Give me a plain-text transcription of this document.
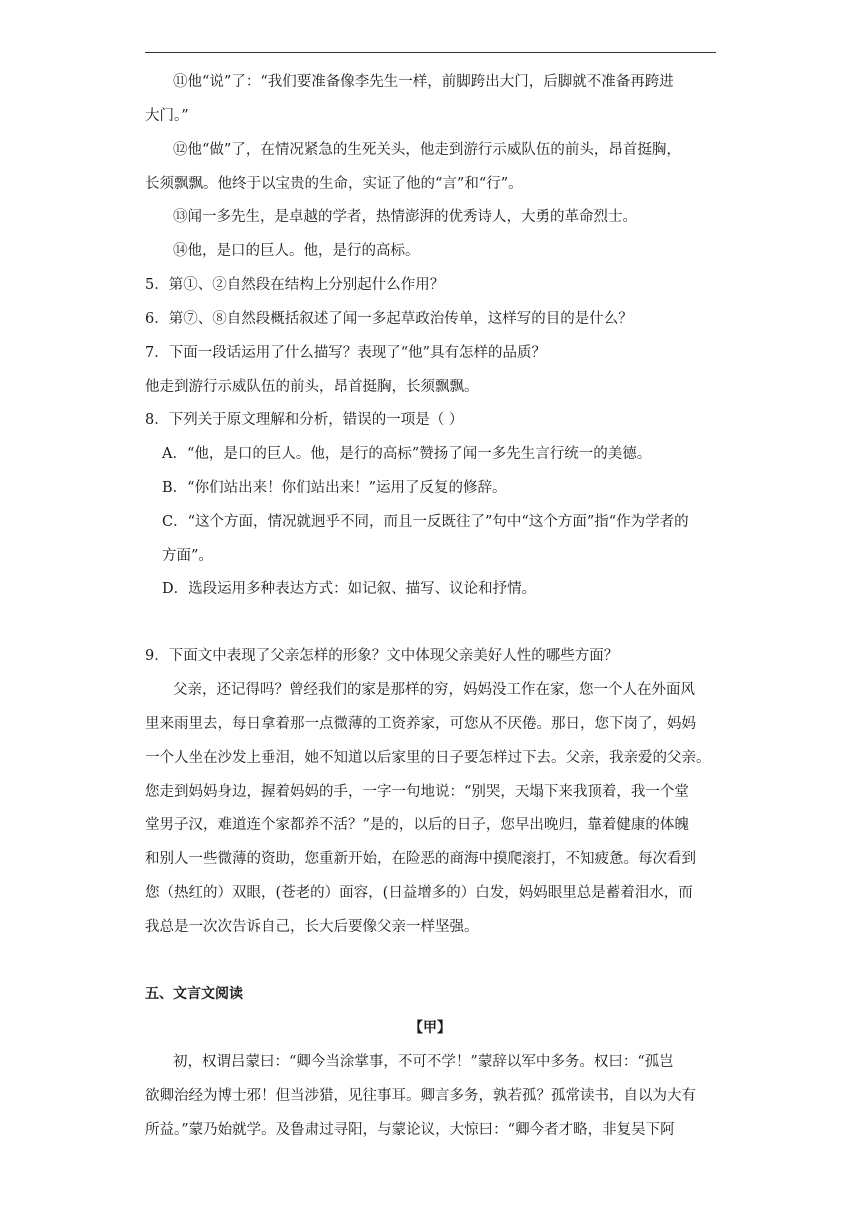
⑪他“说”了：“我们要准备像李先生一样，前脚跨出大门，后脚就不准备再跨进
大门。”
⑫他“做”了，在情况紧急的生死关头，他走到游行示威队伍的前头，昂首挺胸，
长须飘飘。他终于以宝贵的生命，实证了他的“言”和“行”。
⑬闻一多先生，是卓越的学者，热情澎湃的优秀诗人，大勇的革命烈士。
⑭他，是口的巨人。他，是行的高标。
5．第①、②自然段在结构上分别起什么作用？
6．第⑦、⑧自然段概括叙述了闻一多起草政治传单，这样写的目的是什么？
7．下面一段话运用了什么描写？表现了“他”具有怎样的品质？
他走到游行示威队伍的前头，昂首挺胸，长须飘飘。
8．下列关于原文理解和分析，错误的一项是（ ）
A．“他，是口的巨人。他，是行的高标”赞扬了闻一多先生言行统一的美德。
B．“你们站出来！你们站出来！”运用了反复的修辞。
C．“这个方面，情况就迥乎不同，而且一反既往了”句中“这个方面”指“作为学者的
方面”。
D．选段运用多种表达方式：如记叙、描写、议论和抒情。
9．下面文中表现了父亲怎样的形象？文中体现父亲美好人性的哪些方面？
父亲，还记得吗？曾经我们的家是那样的穷，妈妈没工作在家，您一个人在外面风
里来雨里去，每日拿着那一点微薄的工资养家，可您从不厌倦。那日，您下岗了，妈妈
一个人坐在沙发上垂泪，她不知道以后家里的日子要怎样过下去。父亲，我亲爱的父亲。
您走到妈妈身边，握着妈妈的手，一字一句地说：“别哭，天塌下来我顶着，我一个堂
堂男子汉，难道连个家都养不活？”是的，以后的日子，您早出晚归，靠着健康的体魄
和别人一些微薄的资助，您重新开始，在险恶的商海中摸爬滚打，不知疲惫。每次看到
您（热红的）双眼，(苍老的）面容，(日益增多的）白发，妈妈眼里总是蓄着泪水，而
我总是一次次告诉自己，长大后要像父亲一样坚强。
五、文言文阅读
【甲】
初，权谓吕蒙曰：“卿今当涂掌事，不可不学！”蒙辞以军中多务。权曰：“孤岂
欲卿治经为博士邪！但当涉猎，见往事耳。卿言多务，孰若孤？孤常读书，自以为大有
所益。”蒙乃始就学。及鲁肃过寻阳，与蒙论议，大惊曰：“卿今者才略，非复吴下阿
